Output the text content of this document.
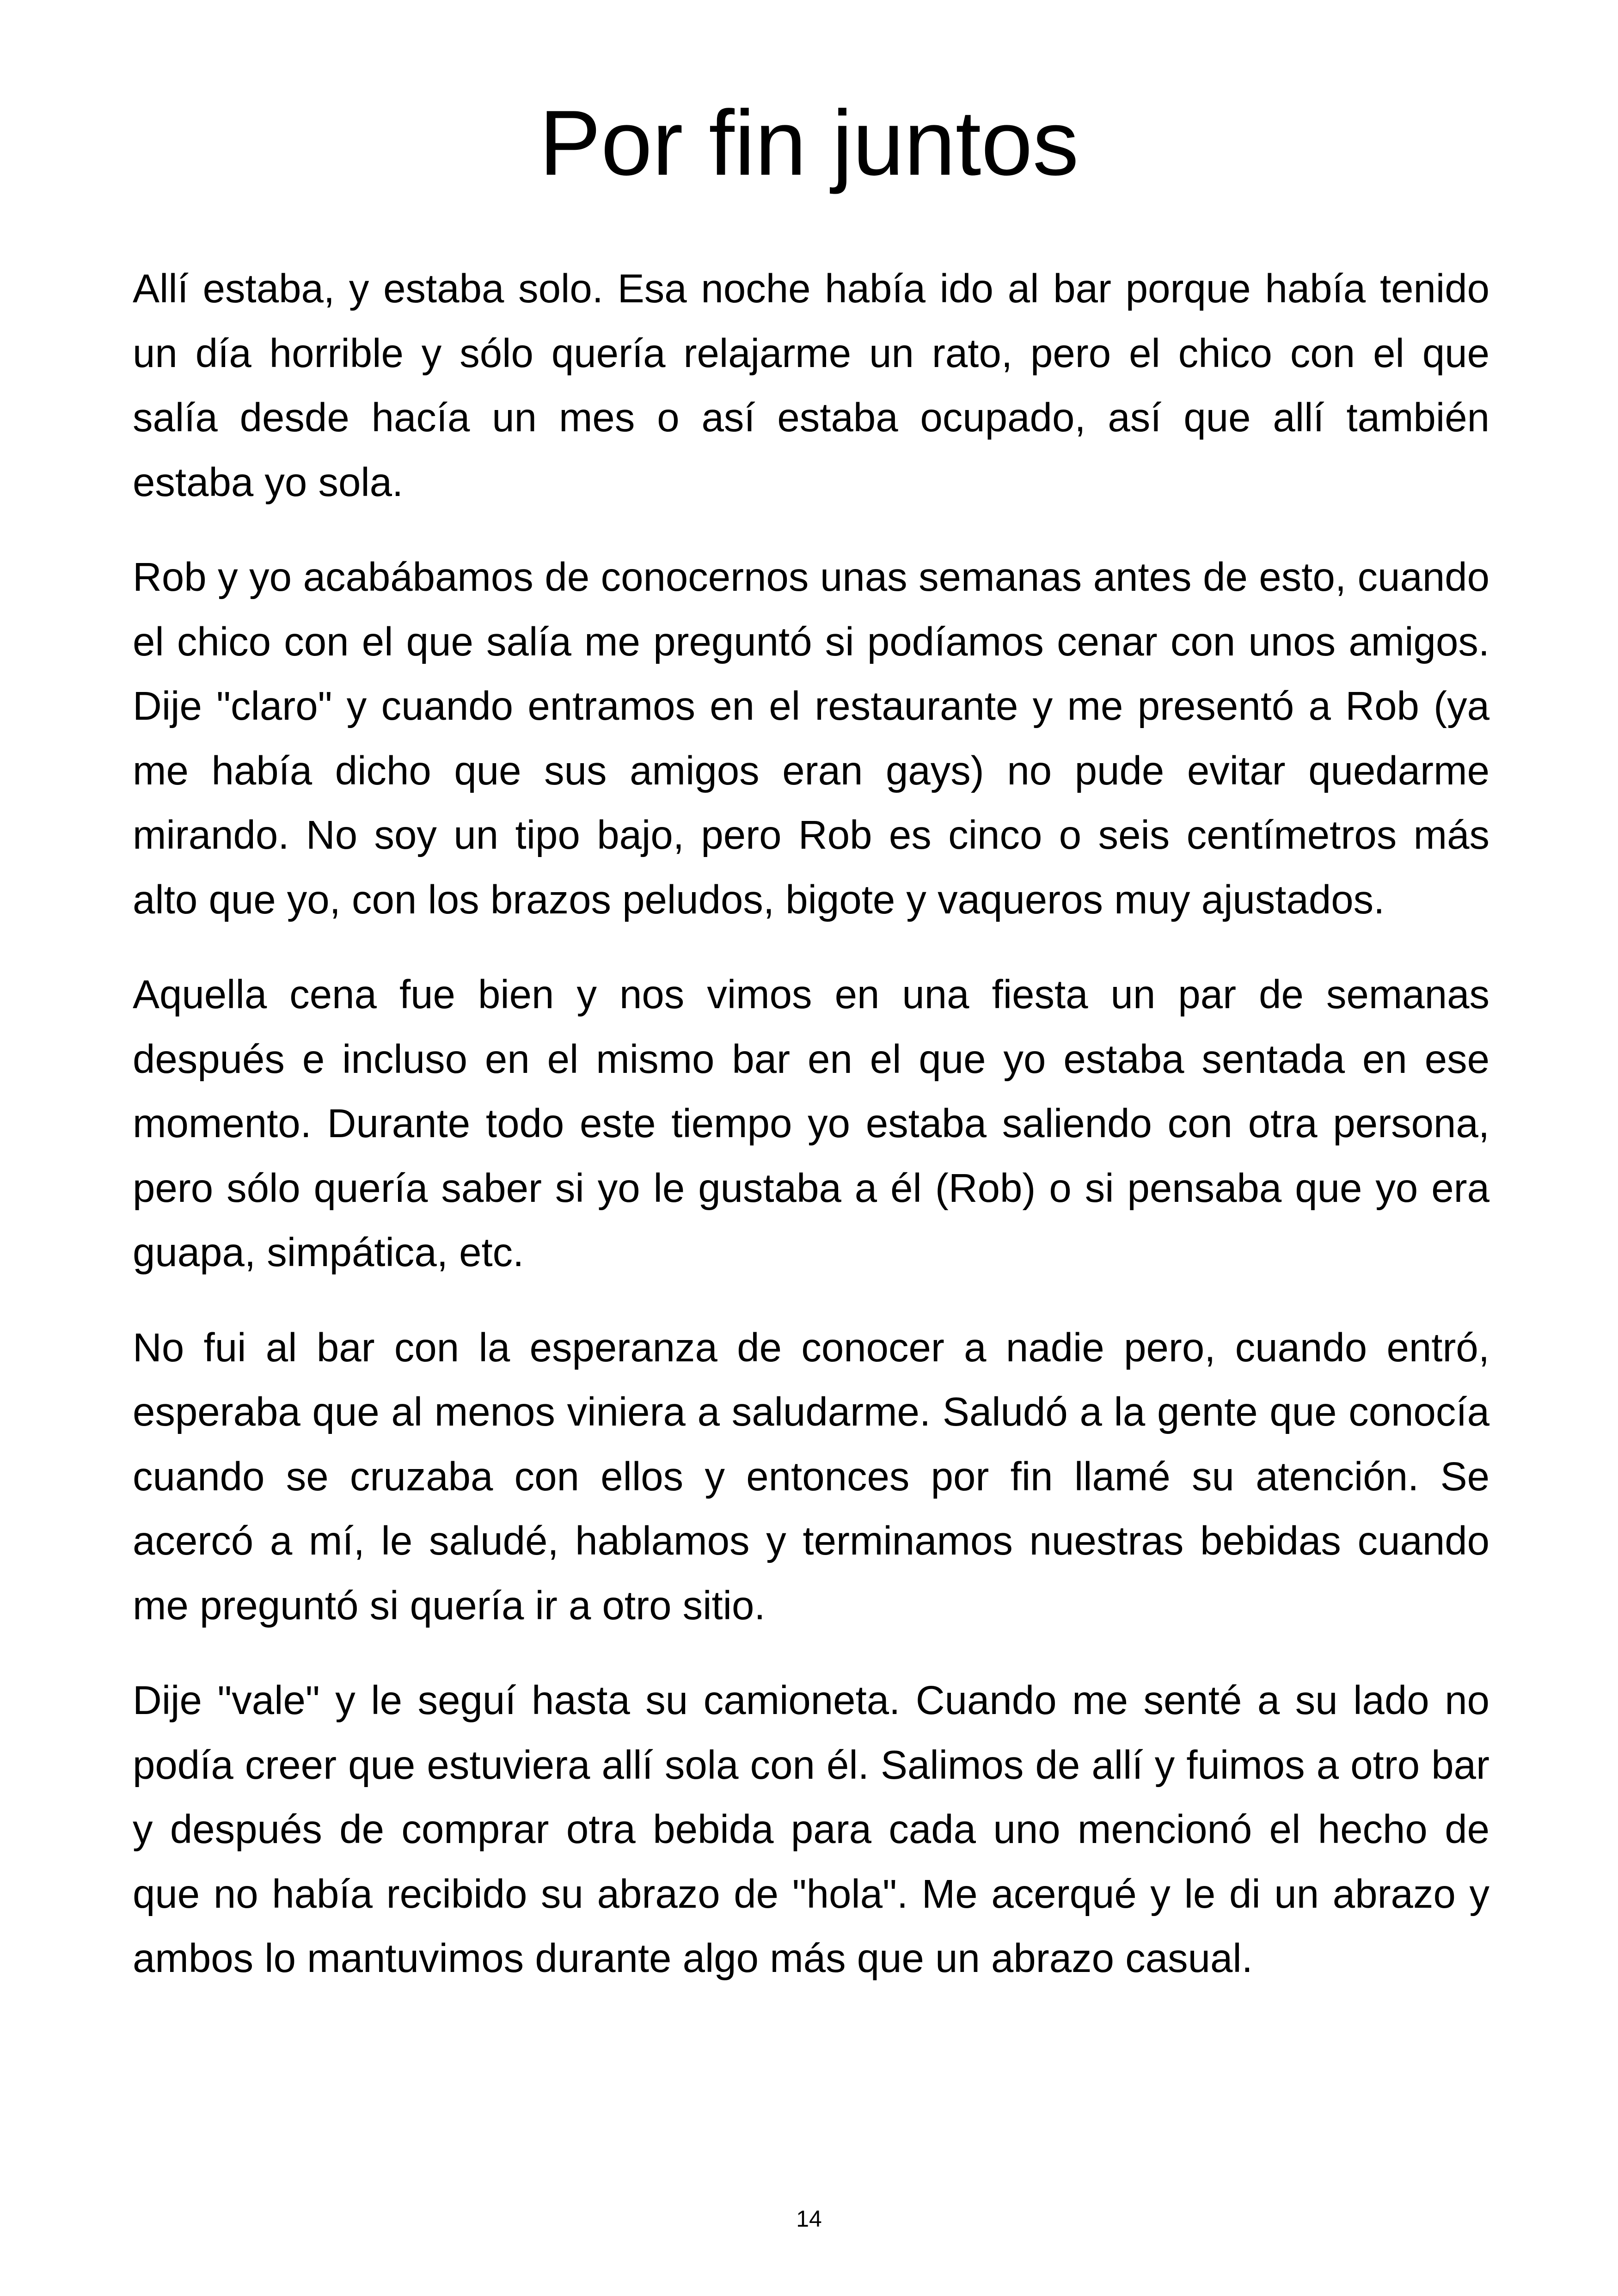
Por fin juntos

Allí estaba, y estaba solo. Esa noche había ido al bar porque había tenido un día horrible y sólo quería relajarme un rato, pero el chico con el que salía desde hacía un mes o así estaba ocupado, así que allí también estaba yo sola.

Rob y yo acabábamos de conocernos unas semanas antes de esto, cuando el chico con el que salía me preguntó si podíamos cenar con unos amigos. Dije "claro" y cuando entramos en el restaurante y me presentó a Rob (ya me había dicho que sus amigos eran gays) no pude evitar quedarme mirando. No soy un tipo bajo, pero Rob es cinco o seis centímetros más alto que yo, con los brazos peludos, bigote y vaqueros muy ajustados.

Aquella cena fue bien y nos vimos en una fiesta un par de semanas después e incluso en el mismo bar en el que yo estaba sentada en ese momento. Durante todo este tiempo yo estaba saliendo con otra persona, pero sólo quería saber si yo le gustaba a él (Rob) o si pensaba que yo era guapa, simpática, etc.

No fui al bar con la esperanza de conocer a nadie pero, cuando entró, esperaba que al menos viniera a saludarme. Saludó a la gente que conocía cuando se cruzaba con ellos y entonces por fin llamé su atención. Se acercó a mí, le saludé, hablamos y terminamos nuestras bebidas cuando me preguntó si quería ir a otro sitio.

Dije "vale" y le seguí hasta su camioneta. Cuando me senté a su lado no podía creer que estuviera allí sola con él. Salimos de allí y fuimos a otro bar y después de comprar otra bebida para cada uno mencionó el hecho de que no había recibido su abrazo de "hola". Me acerqué y le di un abrazo y ambos lo mantuvimos durante algo más que un abrazo casual.

14
